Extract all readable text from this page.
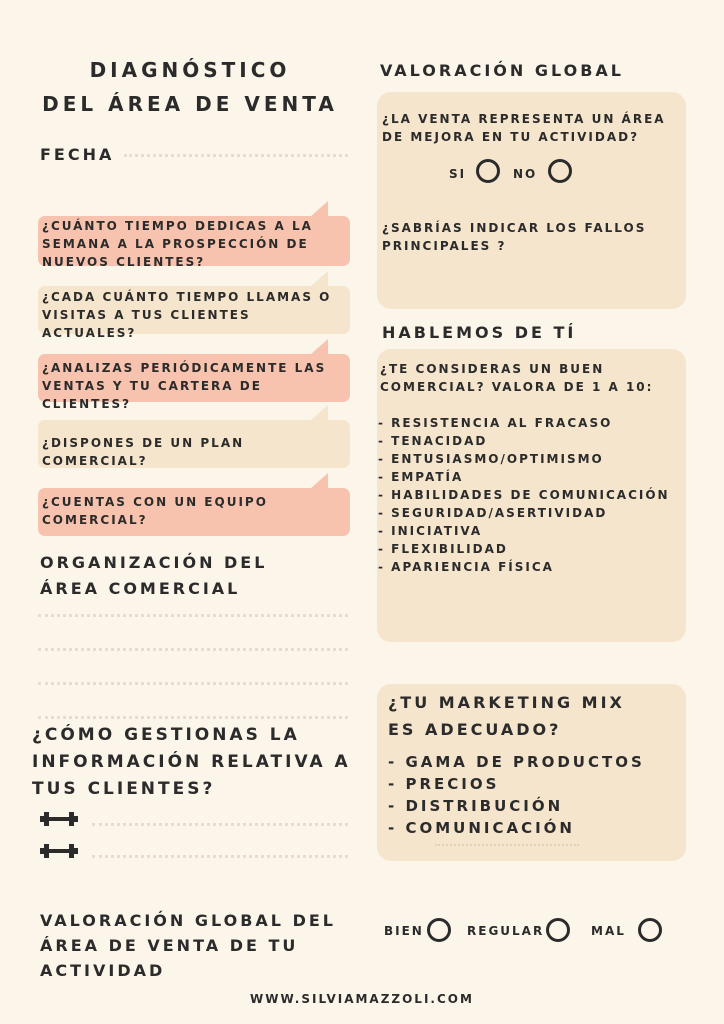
DIAGNÓSTICO
DEL ÁREA DE VENTA
FECHA
¿CUÁNTO TIEMPO DEDICAS A LA SEMANA A LA PROSPECCIÓN DE NUEVOS CLIENTES?
¿CADA CUÁNTO TIEMPO LLAMAS O VISITAS A TUS CLIENTES ACTUALES?
¿ANALIZAS PERIÓDICAMENTE LAS VENTAS Y TU CARTERA DE CLIENTES?
¿DISPONES DE UN PLAN COMERCIAL?
¿CUENTAS CON UN EQUIPO COMERCIAL?
ORGANIZACIÓN DEL
ÁREA COMERCIAL
¿CÓMO GESTIONAS LA
INFORMACIÓN RELATIVA A
TUS CLIENTES?
VALORACIÓN GLOBAL DEL
ÁREA DE VENTA DE TU
ACTIVIDAD
BIEN	REGULAR	MAL
WWW.SILVIAMAZZOLI.COM
VALORACIÓN GLOBAL
¿LA VENTA REPRESENTA UN ÁREA DE MEJORA EN TU ACTIVIDAD?
SI	NO
¿SABRÍAS INDICAR LOS FALLOS PRINCIPALES ?
HABLEMOS DE TÍ
¿TE CONSIDERAS UN BUEN COMERCIAL? VALORA DE 1 A 10:
- RESISTENCIA AL FRACASO
- TENACIDAD
- ENTUSIASMO/OPTIMISMO
- EMPATÍA
- HABILIDADES DE COMUNICACIÓN
- SEGURIDAD/ASERTIVIDAD
- INICIATIVA
- FLEXIBILIDAD
- APARIENCIA FÍSICA
¿TU MARKETING MIX
ES ADECUADO?
- GAMA DE PRODUCTOS
- PRECIOS
- DISTRIBUCIÓN
- COMUNICACIÓN
